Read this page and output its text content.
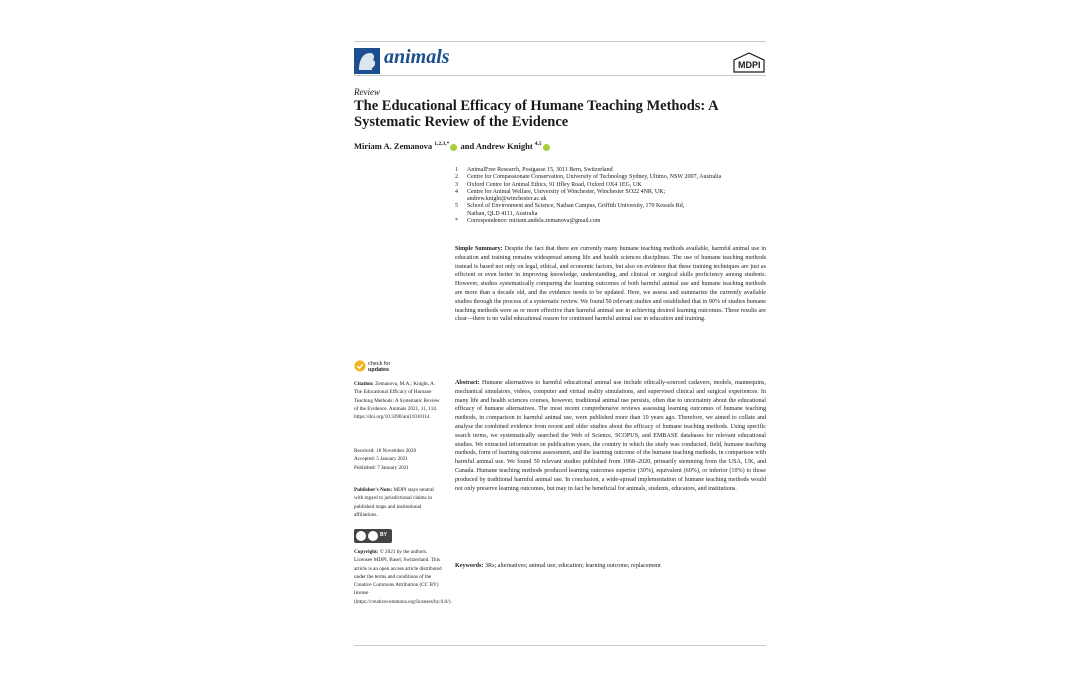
animals	MDPI
Review
The Educational Efficacy of Humane Teaching Methods: A Systematic Review of the Evidence
Miriam A. Zemanova $^{1,2,3,*}$ and Andrew Knight $^{4,5}$
1	AnimalFree Research, Postgasse 15, 3011 Bern, Switzerland
2	Centre for Compassionate Conservation, University of Technology Sydney, Ultimo, NSW 2007, Australia
3	Oxford Centre for Animal Ethics, 91 Iffley Road, Oxford OX4 1EG, UK
4	Centre for Animal Welfare, University of Winchester, Winchester SO22 4NR, UK;
andrew.knight@winchester.ac.uk
5	School of Environment and Science, Nathan Campus, Griffith University, 170 Kessels Rd,
Nathan, QLD 4111, Australia
*	Correspondence: miriam.andela.zemanova@gmail.com
Simple Summary: Despite the fact that there are currently many humane teaching methods available, harmful animal use in education and training remains widespread among life and health sciences disciplines. The use of humane teaching methods instead is based not only on legal, ethical, and economic factors, but also on evidence that these training techniques are just as efficient or even better in improving knowledge, understanding, and clinical or surgical skills proficiency among students. However, studies systematically comparing the learning outcomes of both harmful animal use and humane teaching methods are more than a decade old, and the evidence needs to be updated. Here, we assess and summarize the currently available studies through the process of a systematic review. We found 50 relevant studies and established that in 90% of studies humane teaching methods were as or more effective than harmful animal use in achieving desired learning outcomes. These results are clear—there is no valid educational reason for continued harmful animal use in education and training.
Abstract: Humane alternatives to harmful educational animal use include ethically-sourced cadavers, models, mannequins, mechanical simulators, videos, computer and virtual reality simulations, and supervised clinical and surgical experiences. In many life and health sciences courses, however, traditional animal use persists, often due to uncertainty about the educational efficacy of humane alternatives. The most recent comprehensive reviews assessing learning outcomes of humane teaching methods, in comparison to harmful animal use, were published more than 10 years ago. Therefore, we aimed to collate and analyse the combined evidence from recent and older studies about the efficacy of humane teaching methods. Using specific search terms, we systematically searched the Web of Science, SCOPUS, and EMBASE databases for relevant educational studies. We extracted information on publication years, the country in which the study was conducted, field, humane teaching methods, form of learning outcome assessment, and the learning outcome of the humane teaching methods, in comparison with harmful animal use. We found 50 relevant studies published from 1968–2020, primarily stemming from the USA, UK, and Canada. Humane teaching methods produced learning outcomes superior (30%), equivalent (60%), or inferior (10%) to those produced by traditional harmful animal use. In conclusion, a wide-spread implementation of humane teaching methods would not only preserve learning outcomes, but may in fact be beneficial for animals, students, educators, and institutions.
Keywords: 3Rs; alternatives; animal use; education; learning outcome; replacement
check for
updates
Citation: Zemanova, M.A.; Knight, A. The Educational Efficacy of Humane Teaching Methods: A Systematic Review of the Evidence. Animals 2021, 11, 114. https://doi.org/10.3390/ani11010114
Received: 18 November 2020
Accepted: 5 January 2021
Published: 7 January 2021
Publisher's Note: MDPI stays neutral with regard to jurisdictional claims in published maps and institutional affiliations.
BY
Copyright: © 2021 by the authors. Licensee MDPI, Basel, Switzerland. This article is an open access article distributed under the terms and conditions of the Creative Commons Attribution (CC BY) license (https://creativecommons.org/licenses/by/4.0/).
